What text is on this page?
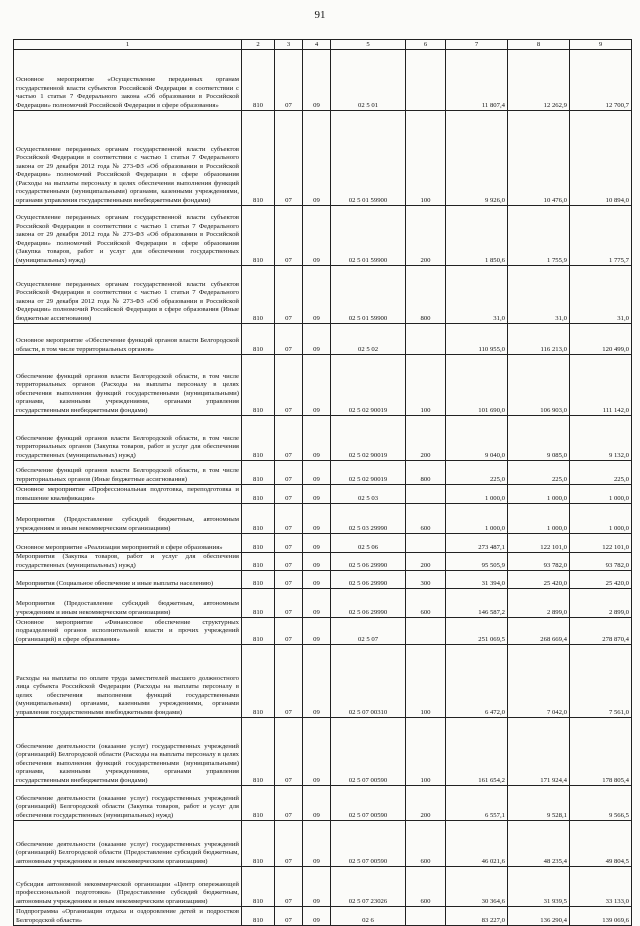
91
1	2	3	4	5	6	7	8	9
Основное мероприятие «Осуществление переданных органам государственной власти субъектов Российской Федерации в соответствии с частью 1 статьи 7 Федерального закона «Об образовании в Российской Федерации» полномочий Российской Федерации в сфере образования»	810	07	09	02 5 01		11 807,4	12 262,9	12 700,7
Осуществление переданных органам государственной власти субъектов Российской Федерации в соответствии с частью 1 статьи 7 Федерального закона от 29 декабря 2012 года № 273-ФЗ «Об образовании в Российской Федерации» полномочий Российской Федерации в сфере образования (Расходы на выплаты персоналу в целях обеспечения выполнения функций государственными (муниципальными) органами, казенными учреждениями, органами управления государственными внебюджетными фондами)	810	07	09	02 5 01 59900	100	9 926,0	10 476,0	10 894,0
Осуществление переданных органам государственной власти субъектов Российской Федерации в соответствии с частью 1 статьи 7 Федерального закона от 29 декабря 2012 года № 273-ФЗ «Об образовании в Российской Федерации» полномочий Российской Федерации в сфере образования (Закупка товаров, работ и услуг для обеспечения государственных (муниципальных) нужд)	810	07	09	02 5 01 59900	200	1 850,6	1 755,9	1 775,7
Осуществление переданных органам государственной власти субъектов Российской Федерации в соответствии с частью 1 статьи 7 Федерального закона от 29 декабря 2012 года № 273-ФЗ «Об образовании в Российской Федерации» полномочий Российской Федерации в сфере образования (Иные бюджетные ассигнования)	810	07	09	02 5 01 59900	800	31,0	31,0	31,0
Основное мероприятие «Обеспечение функций органов власти Белгородской области, в том числе территориальных органов»	810	07	09	02 5 02		110 955,0	116 213,0	120 499,0
Обеспечение функций органов власти Белгородской области, в том числе территориальных органов (Расходы на выплаты персоналу в целях обеспечения выполнения функций государственными (муниципальными) органами, казенными учреждениями, органами управления государственными внебюджетными фондами)	810	07	09	02 5 02 90019	100	101 690,0	106 903,0	111 142,0
Обеспечение функций органов власти Белгородской области, в том числе территориальных органов (Закупка товаров, работ и услуг для обеспечения государственных (муниципальных) нужд)	810	07	09	02 5 02 90019	200	9 040,0	9 085,0	9 132,0
Обеспечение функций органов власти Белгородской области, в том числе территориальных органов (Иные бюджетные ассигнования)	810	07	09	02 5 02 90019	800	225,0	225,0	225,0
Основное мероприятие «Профессиональная подготовка, переподготовка и повышение квалификации»	810	07	09	02 5 03		1 000,0	1 000,0	1 000,0
Мероприятия (Предоставление субсидий бюджетным, автономным учреждениям и иным некоммерческим организациям)	810	07	09	02 5 03 29990	600	1 000,0	1 000,0	1 000,0
Основное мероприятие «Реализация мероприятий в сфере образования»	810	07	09	02 5 06		273 487,1	122 101,0	122 101,0
Мероприятия (Закупка товаров, работ и услуг для обеспечения государственных (муниципальных) нужд)	810	07	09	02 5 06 29990	200	95 505,9	93 782,0	93 782,0
Мероприятия (Социальное обеспечение и иные выплаты населению)	810	07	09	02 5 06 29990	300	31 394,0	25 420,0	25 420,0
Мероприятия (Предоставление субсидий бюджетным, автономным учреждениям и иным некоммерческим организациям)	810	07	09	02 5 06 29990	600	146 587,2	2 899,0	2 899,0
Основное мероприятие «Финансовое обеспечение структурных подразделений органов исполнительной власти и прочих учреждений (организаций) в сфере образования»	810	07	09	02 5 07		251 069,5	268 669,4	278 870,4
Расходы на выплаты по оплате труда заместителей высшего должностного лица субъекта Российской Федерации (Расходы на выплаты персоналу в целях обеспечения выполнения функций государственными (муниципальными) органами, казенными учреждениями, органами управления государственными внебюджетными фондами)	810	07	09	02 5 07 00310	100	6 472,0	7 042,0	7 561,0
Обеспечение деятельности (оказание услуг) государственных учреждений (организаций) Белгородской области (Расходы на выплаты персоналу в целях обеспечения выполнения функций государственными (муниципальными) органами, казенными учреждениями, органами управления государственными внебюджетными фондами)	810	07	09	02 5 07 00590	100	161 654,2	171 924,4	178 805,4
Обеспечение деятельности (оказание услуг) государственных учреждений (организаций) Белгородской области (Закупка товаров, работ и услуг для обеспечения государственных (муниципальных) нужд)	810	07	09	02 5 07 00590	200	6 557,1	9 528,1	9 566,5
Обеспечение деятельности (оказание услуг) государственных учреждений (организаций) Белгородской области (Предоставление субсидий бюджетным, автономным учреждениям и иным некоммерческим организациям)	810	07	09	02 5 07 00590	600	46 021,6	48 235,4	49 804,5
Субсидия автономной некоммерческой организации «Центр опережающей профессиональной подготовки» (Предоставление субсидий бюджетным, автономным учреждениям и иным некоммерческим организациям)	810	07	09	02 5 07 23026	600	30 364,6	31 939,5	33 133,0
Подпрограмма «Организация отдыха и оздоровление детей и подростков Белгородской области»	810	07	09	02 6		83 227,0	136 290,4	139 069,6
